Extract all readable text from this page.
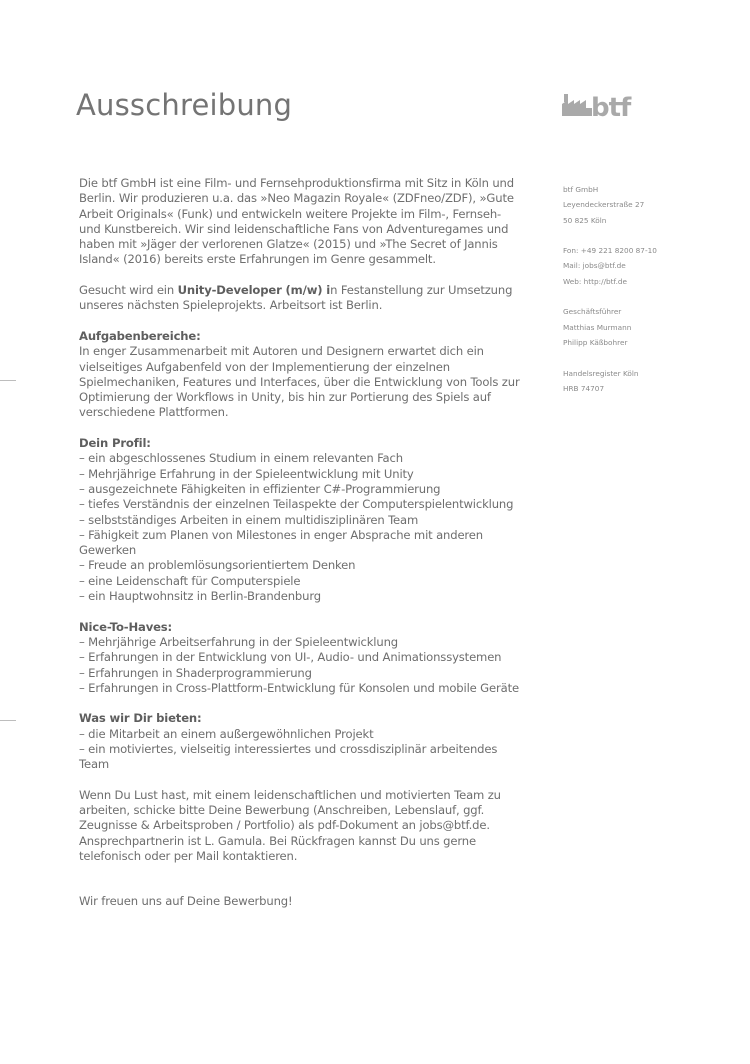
Ausschreibung	btf

Die btf GmbH ist eine Film- und Fernsehproduktionsfirma mit Sitz in Köln und Berlin. Wir produzieren u.a. das »Neo Magazin Royale« (ZDFneo/ZDF), »Gute Arbeit Originals« (Funk) und entwickeln weitere Projekte im Film-, Fernseh- und Kunstbereich. Wir sind leidenschaftliche Fans von Adventuregames und haben mit »Jäger der verlorenen Glatze« (2015) und »The Secret of Jannis Island« (2016) bereits erste Erfahrungen im Genre gesammelt.

Gesucht wird ein Unity-Developer (m/w) in Festanstellung zur Umsetzung unseres nächsten Spieleprojekts. Arbeitsort ist Berlin.

Aufgabenbereiche:
In enger Zusammenarbeit mit Autoren und Designern erwartet dich ein vielseitiges Aufgabenfeld von der Implementierung der einzelnen Spielmechaniken, Features und Interfaces, über die Entwicklung von Tools zur Optimierung der Workflows in Unity, bis hin zur Portierung des Spiels auf verschiedene Plattformen.

Dein Profil:
– ein abgeschlossenes Studium in einem relevanten Fach
– Mehrjährige Erfahrung in der Spieleentwicklung mit Unity
– ausgezeichnete Fähigkeiten in effizienter C#-Programmierung
– tiefes Verständnis der einzelnen Teilaspekte der Computerspielentwicklung
– selbstständiges Arbeiten in einem multidisziplinären Team
– Fähigkeit zum Planen von Milestones in enger Absprache mit anderen Gewerken
– Freude an problemlösungsorientiertem Denken
– eine Leidenschaft für Computerspiele
– ein Hauptwohnsitz in Berlin-Brandenburg
Nice-To-Haves:
– Mehrjährige Arbeitserfahrung in der Spieleentwicklung
– Erfahrungen in der Entwicklung von UI-, Audio- und Animationssystemen
– Erfahrungen in Shaderprogrammierung
– Erfahrungen in Cross-Plattform-Entwicklung für Konsolen und mobile Geräte
Was wir Dir bieten:
– die Mitarbeit an einem außergewöhnlichen Projekt
– ein motiviertes, vielseitig interessiertes und crossdisziplinär arbeitendes Team

Wenn Du Lust hast, mit einem leidenschaftlichen und motivierten Team zu arbeiten, schicke bitte Deine Bewerbung (Anschreiben, Lebenslauf, ggf. Zeugnisse & Arbeitsproben / Portfolio) als pdf-Dokument an jobs@btf.de. Ansprechpartnerin ist L. Gamula. Bei Rückfragen kannst Du uns gerne telefonisch oder per Mail kontaktieren.

Wir freuen uns auf Deine Bewerbung!

btf GmbH
Leyendeckerstraße 27
50 825 Köln
Fon: +49 221 8200 87-10
Mail: jobs@btf.de
Web: http://btf.de
Geschäftsführer
Matthias Murmann
Philipp Käßbohrer
Handelsregister Köln
HRB 74707
